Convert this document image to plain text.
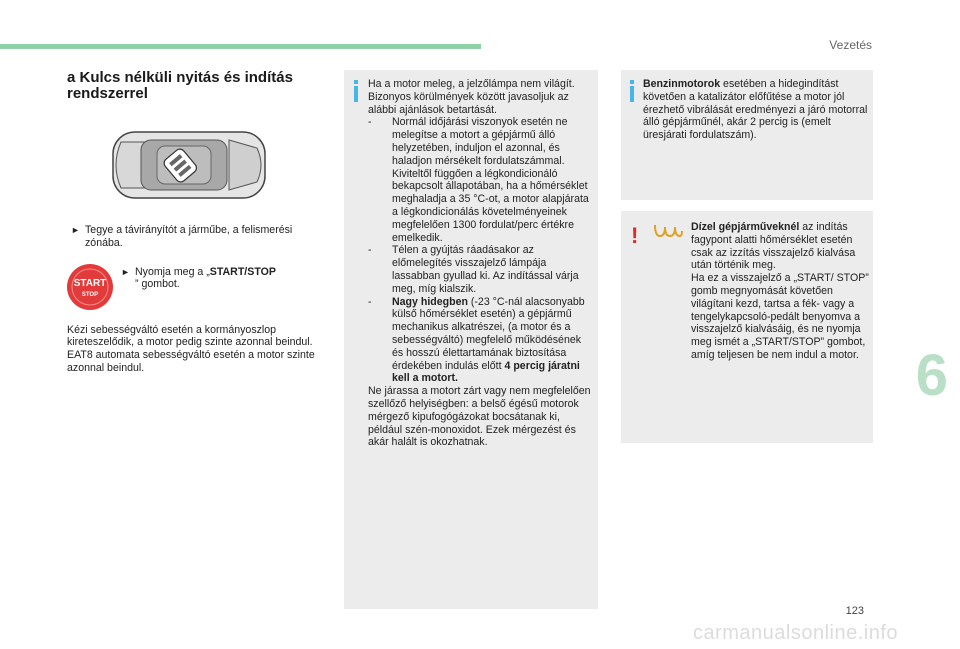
Vezetés
6
a Kulcs nélküli nyitás és indítás rendszerrel
► Tegye a távirányítót a járműbe, a felismerési zónába.
START
STOP
► Nyomja meg a „START/STOP
” gombot.
Kézi sebességváltó esetén a kormányoszlop kireteszelődik, a motor pedig szinte azonnal beindul.
EAT8 automata sebességváltó esetén a motor szinte azonnal beindul.
Ha a motor meleg, a jelzőlámpa nem világít. Bizonyos körülmények között javasoljuk az alábbi ajánlások betartását.
-	Normál időjárási viszonyok esetén ne melegítse a motort a gépjármű álló helyzetében, induljon el azonnal, és haladjon mérsékelt fordulatszámmal. Kiviteltől függően a légkondicionáló bekapcsolt állapotában, ha a hőmérséklet meghaladja a 35 °C-ot, a motor alapjárata a légkondicionálás követelményeinek megfelelően 1300 fordulat/perc értékre emelkedik.
-	Télen a gyújtás ráadásakor az előmelegítés visszajelző lámpája lassabban gyullad ki. Az indítással várja meg, míg kialszik.
-	Nagy hidegben (-23 °C-nál alacsonyabb külső hőmérséklet esetén) a gépjármű mechanikus alkatrészei, (a motor és a sebességváltó) megfelelő működésének és hosszú élettartamának biztosítása érdekében indulás előtt 4 percig járatni kell a motort.
Ne járassa a motort zárt vagy nem megfelelően szellőző helyiségben: a belső égésű motorok mérgező kipufogógázokat bocsátanak ki, például szén-monoxidot. Ezek mérgezést és akár halált is okozhatnak.
Benzinmotorok esetében a hidegindítást követően a katalizátor előfűtése a motor jól érezhető vibrálását eredményezi a járó motorral álló gépjárműnél, akár 2 percig is (emelt üresjárati fordulatszám).
!	Dízel gépjárműveknél az indítás fagypont alatti hőmérséklet esetén csak az izzítás visszajelző kialvása után történik meg.
Ha ez a visszajelző a „START/ STOP” gomb megnyomását követően világítani kezd, tartsa a fék- vagy a tengelykapcsoló-pedált benyomva a visszajelző kialvásáig, és ne nyomja meg ismét a „START/STOP” gombot, amíg teljesen be nem indul a motor.
123
carmanualsonline.info
